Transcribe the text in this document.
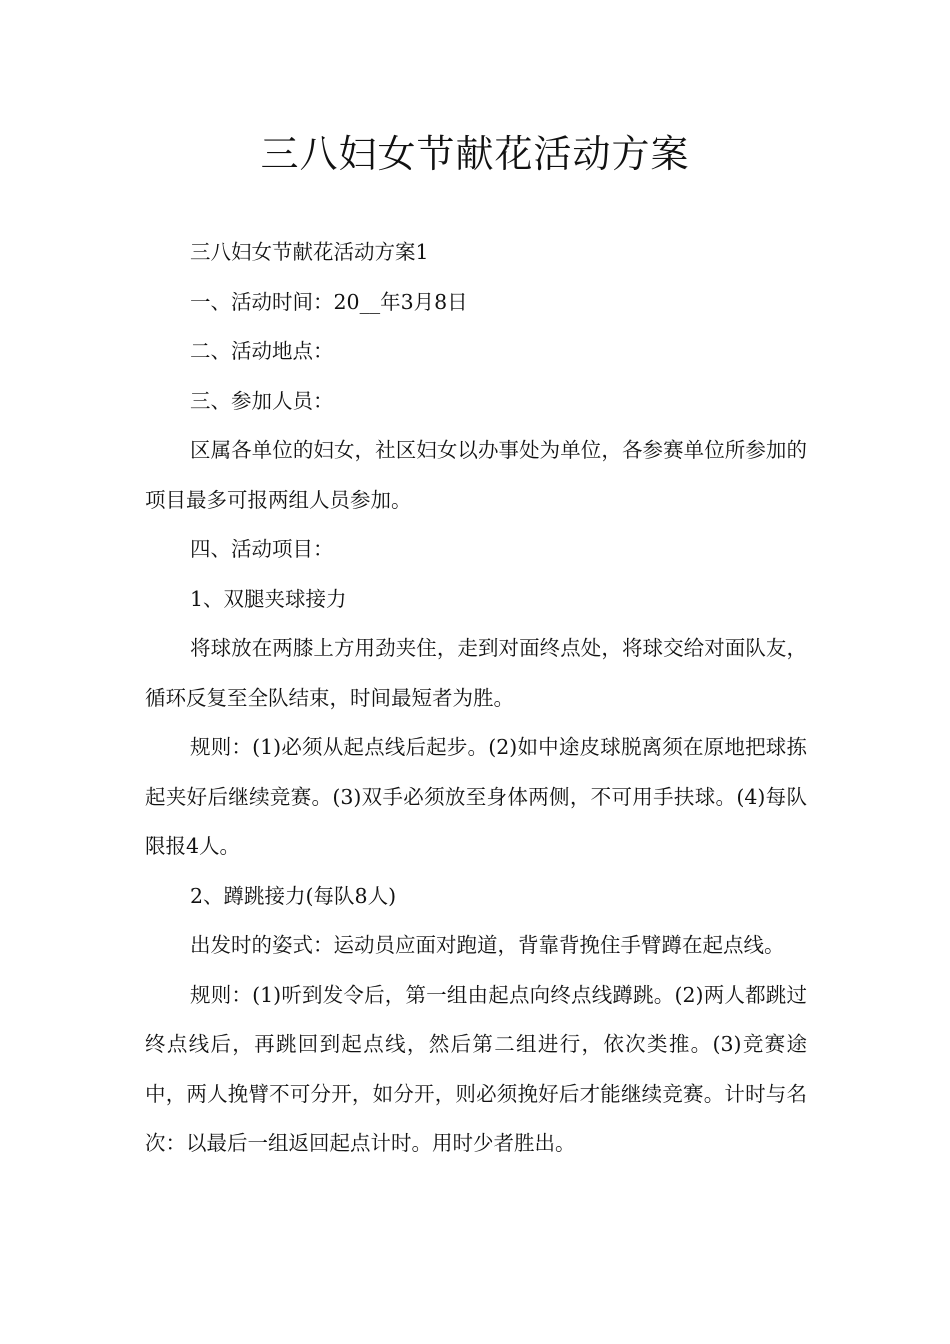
三八妇女节献花活动方案

三八妇女节献花活动方案1

一、活动时间：20__年3月8日

二、活动地点：

三、参加人员：

区属各单位的妇女，社区妇女以办事处为单位，各参赛单位所参加的项目最多可报两组人员参加。

四、活动项目：

1、双腿夹球接力

将球放在两膝上方用劲夹住，走到对面终点处，将球交给对面队友，循环反复至全队结束，时间最短者为胜。

规则：(1)必须从起点线后起步。(2)如中途皮球脱离须在原地把球拣起夹好后继续竞赛。(3)双手必须放至身体两侧，不可用手扶球。(4)每队限报4人。

2、蹲跳接力(每队8人)

出发时的姿式：运动员应面对跑道，背靠背挽住手臂蹲在起点线。

规则：(1)听到发令后，第一组由起点向终点线蹲跳。(2)两人都跳过终点线后，再跳回到起点线，然后第二组进行，依次类推。(3)竞赛途中，两人挽臂不可分开，如分开，则必须挽好后才能继续竞赛。计时与名次：以最后一组返回起点计时。用时少者胜出。
